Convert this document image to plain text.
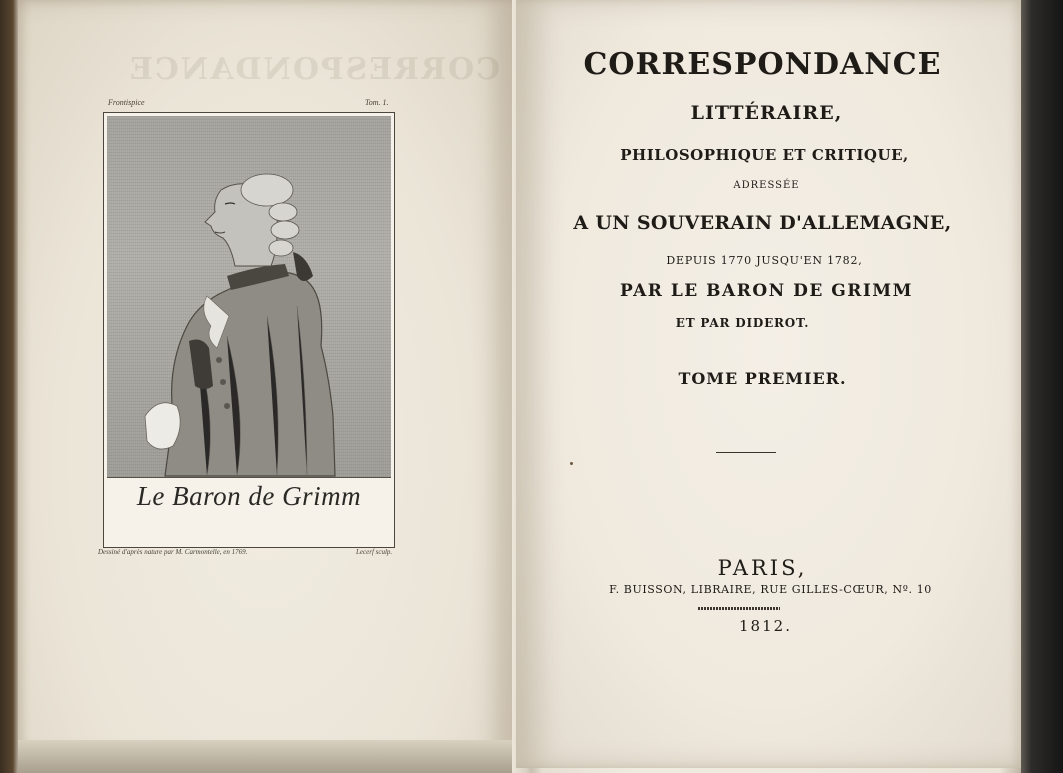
CORRESPONDANCE
Frontispice	Tom. 1.
Le Baron de Grimm
Dessiné d'après nature par M. Carmontelle, en 1769.	Lecerf sculp.
CORRESPONDANCE
LITTÉRAIRE,
PHILOSOPHIQUE ET CRITIQUE,
ADRESSÉE
A UN SOUVERAIN D'ALLEMAGNE,
DEPUIS 1770 JUSQU'EN 1782,
PAR LE BARON DE GRIMM
ET PAR DIDEROT.
TOME PREMIER.
PARIS,
F. BUISSON, LIBRAIRE, RUE GILLES-CŒUR, Nº. 10
1812.
